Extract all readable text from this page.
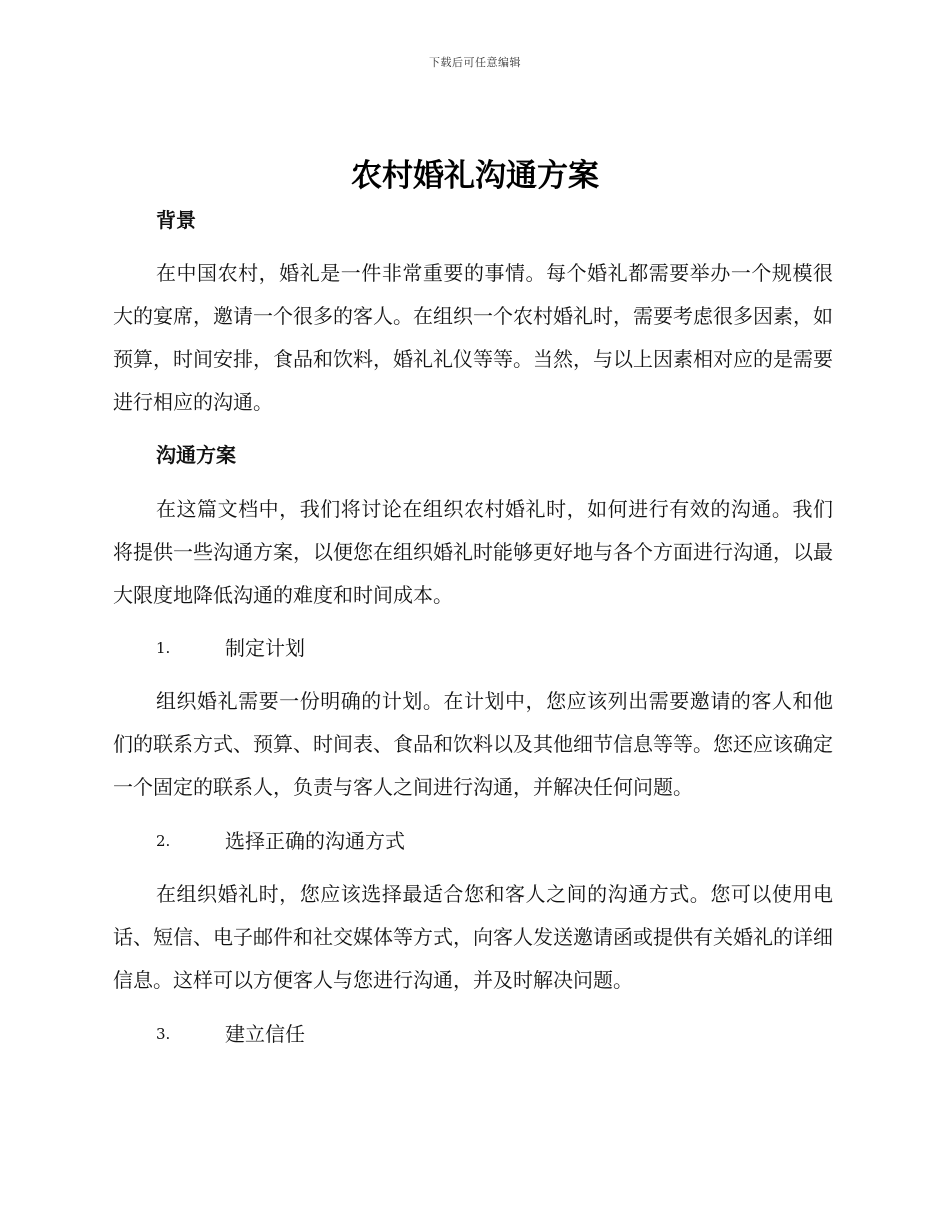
下载后可任意编辑
农村婚礼沟通方案

背景

在中国农村，婚礼是一件非常重要的事情。每个婚礼都需要举办一个规模很大的宴席，邀请一个很多的客人。在组织一个农村婚礼时，需要考虑很多因素，如预算，时间安排，食品和饮料，婚礼礼仪等等。当然，与以上因素相对应的是需要进行相应的沟通。

沟通方案

在这篇文档中，我们将讨论在组织农村婚礼时，如何进行有效的沟通。我们将提供一些沟通方案，以便您在组织婚礼时能够更好地与各个方面进行沟通，以最大限度地降低沟通的难度和时间成本。

1.	制定计划

组织婚礼需要一份明确的计划。在计划中，您应该列出需要邀请的客人和他们的联系方式、预算、时间表、食品和饮料以及其他细节信息等等。您还应该确定一个固定的联系人，负责与客人之间进行沟通，并解决任何问题。

2.	选择正确的沟通方式

在组织婚礼时，您应该选择最适合您和客人之间的沟通方式。您可以使用电话、短信、电子邮件和社交媒体等方式，向客人发送邀请函或提供有关婚礼的详细信息。这样可以方便客人与您进行沟通，并及时解决问题。

3.	建立信任
